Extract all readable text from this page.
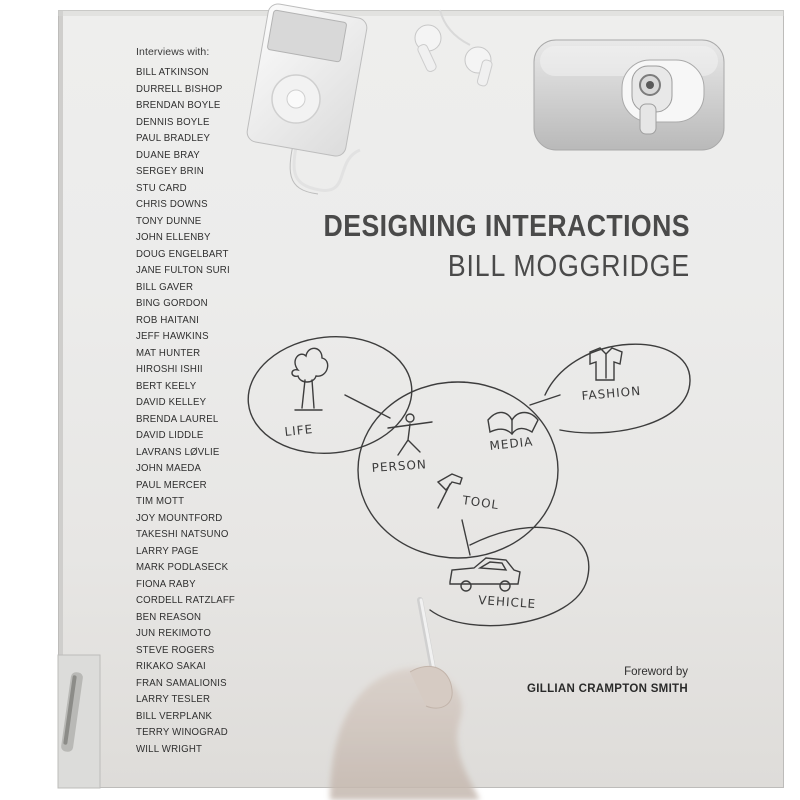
LIFE
PERSON
MEDIA
FASHION
TOOL
VEHICLE
Interviews with:
BILL ATKINSON
DURRELL BISHOP
BRENDAN BOYLE
DENNIS BOYLE
PAUL BRADLEY
DUANE BRAY
SERGEY BRIN
STU CARD
CHRIS DOWNS
TONY DUNNE
JOHN ELLENBY
DOUG ENGELBART
JANE FULTON SURI
BILL GAVER
BING GORDON
ROB HAITANI
JEFF HAWKINS
MAT HUNTER
HIROSHI ISHII
BERT KEELY
DAVID KELLEY
BRENDA LAUREL
DAVID LIDDLE
LAVRANS LØVLIE
JOHN MAEDA
PAUL MERCER
TIM MOTT
JOY MOUNTFORD
TAKESHI NATSUNO
LARRY PAGE
MARK PODLASECK
FIONA RABY
CORDELL RATZLAFF
BEN REASON
JUN REKIMOTO
STEVE ROGERS
RIKAKO SAKAI
FRAN SAMALIONIS
LARRY TESLER
BILL VERPLANK
TERRY WINOGRAD
WILL WRIGHT
DESIGNING INTERACTIONS
BILL MOGGRIDGE
Foreword by
GILLIAN CRAMPTON SMITH
